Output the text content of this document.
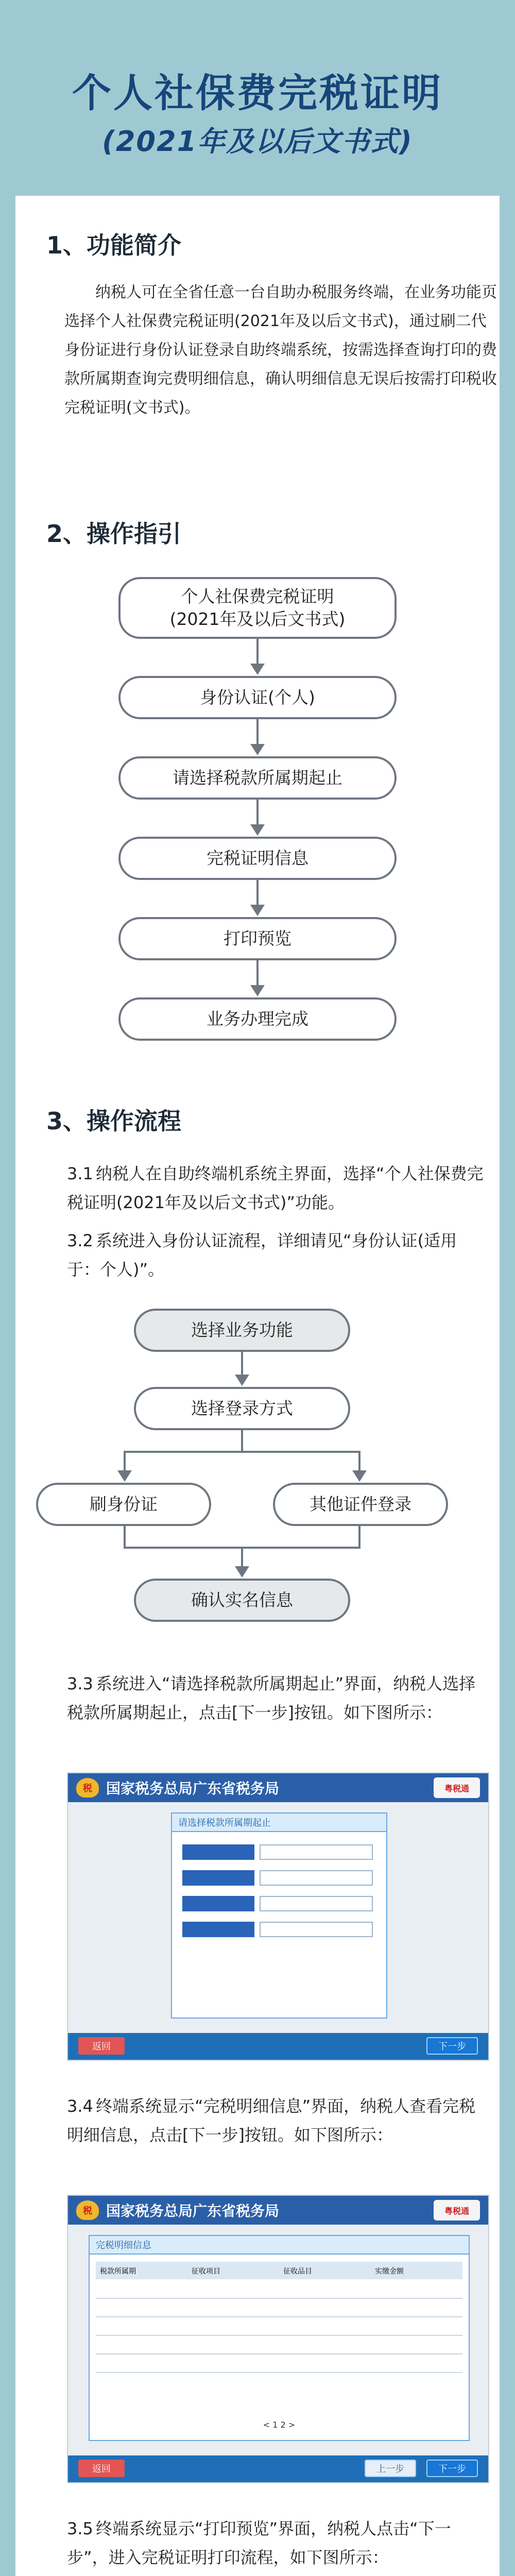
个人社保费完税证明
(2021年及以后文书式)
1、功能简介
纳税人可在全省任意一台自助办税服务终端，在业务功能页选择个人社保费完税证明(2021年及以后文书式)，通过刷二代身份证进行身份认证登录自助终端系统，按需选择查询打印的费款所属期查询完费明细信息，确认明细信息无误后按需打印税收完税证明(文书式)。
2、操作指引
个人社保费完税证明
(2021年及以后文书式)
身份认证(个人)
请选择税款所属期起止
完税证明信息
打印预览
业务办理完成
3、操作流程
3.1 纳税人在自助终端机系统主界面，选择“个人社保费完税证明(2021年及以后文书式)”功能。
3.2 系统进入身份认证流程，详细请见“身份认证(适用于：个人)”。
选择业务功能
选择登录方式
刷身份证	其他证件登录
确认实名信息
3.3 系统进入“请选择税款所属期起止”界面，纳税人选择税款所属期起止，点击[下一步]按钮。如下图所示：
税 国家税务总局广东省税务局	粤税通
请选择税款所属期起止
返回	下一步
3.4 终端系统显示“完税明细信息”界面，纳税人查看完税明细信息，点击[下一步]按钮。如下图所示：
税 国家税务总局广东省税务局	粤税通
完税明细信息
税款所属期	征收项目	征收品目	实缴金额
< 1 2 >
返回	上一步	下一步
3.5 终端系统显示“打印预览”界面，纳税人点击“下一步”，进入完税证明打印流程，如下图所示：
